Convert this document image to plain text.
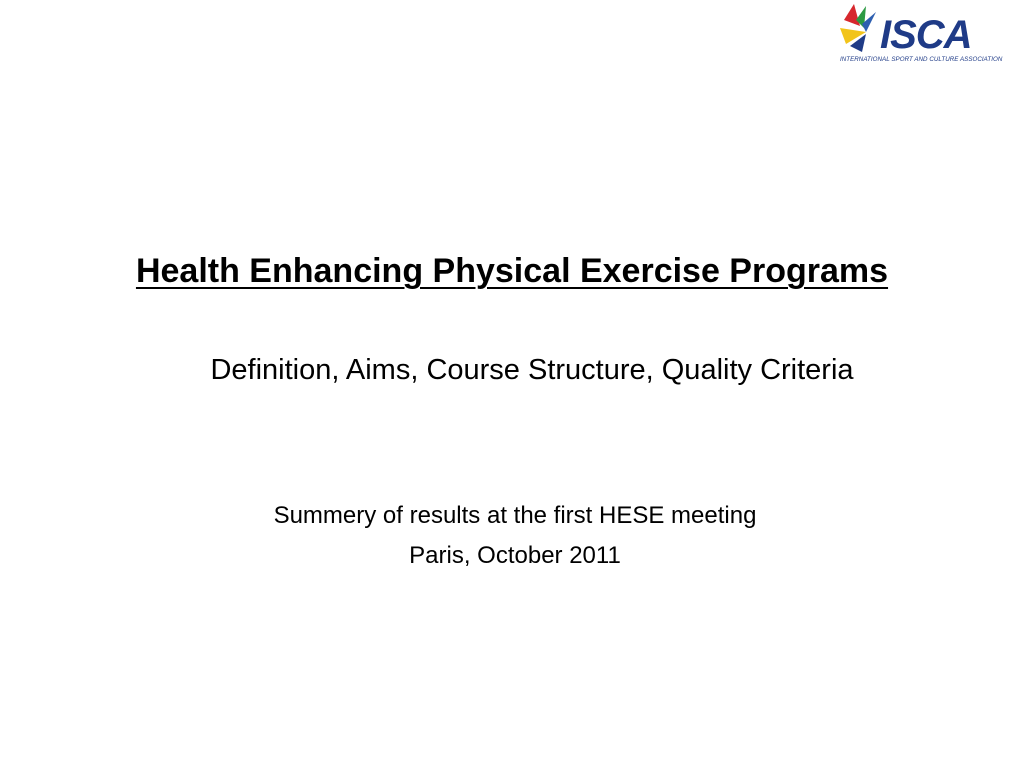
ISCA
INTERNATIONAL SPORT AND CULTURE ASSOCIATION
Health Enhancing Physical Exercise Programs
Definition, Aims, Course Structure, Quality Criteria
Summery of results at the first HESE meeting
Paris, October 2011
